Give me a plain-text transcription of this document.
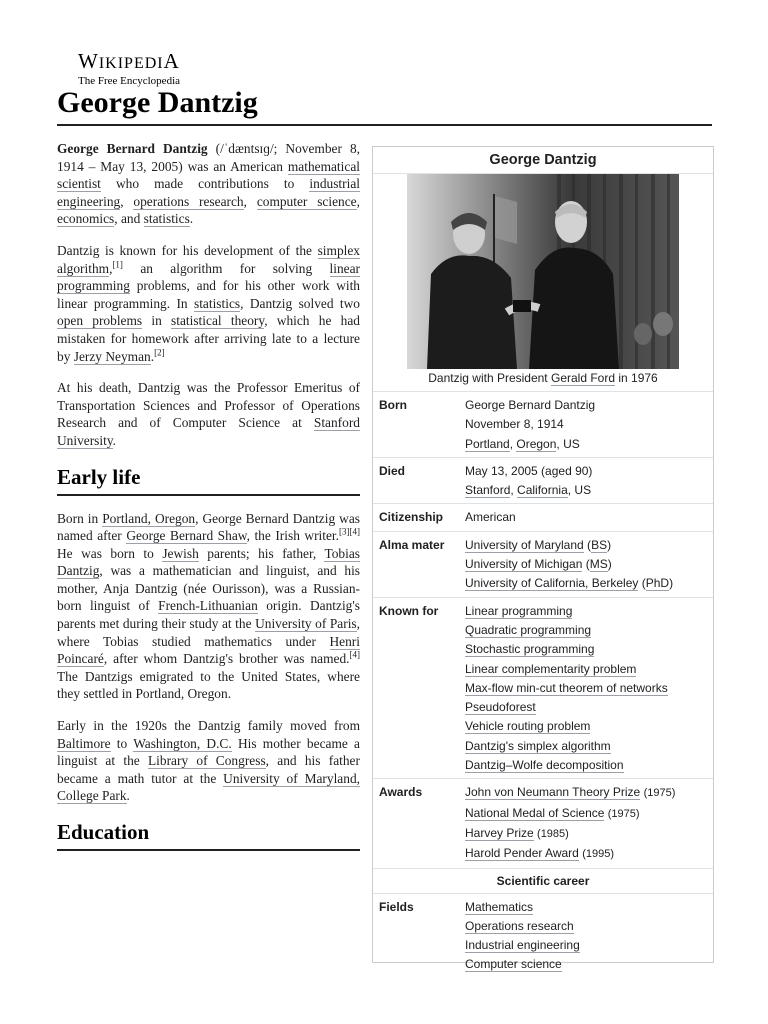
WIKIPEDIA
The Free Encyclopedia
George Dantzig

George Bernard Dantzig (/ˈdæntsɪɡ/; November 8, 1914 – May 13, 2005) was an American mathematical scientist who made contributions to industrial engineering, operations research, computer science, economics, and statistics.

Dantzig is known for his development of the simplex algorithm,[1] an algorithm for solving linear programming problems, and for his other work with linear programming. In statistics, Dantzig solved two open problems in statistical theory, which he had mistaken for homework after arriving late to a lecture by Jerzy Neyman.[2]

At his death, Dantzig was the Professor Emeritus of Transportation Sciences and Professor of Operations Research and of Computer Science at Stanford University.

Early life

Born in Portland, Oregon, George Bernard Dantzig was named after George Bernard Shaw, the Irish writer.[3][4] He was born to Jewish parents; his father, Tobias Dantzig, was a mathematician and linguist, and his mother, Anja Dantzig (née Ourisson), was a Russian-born linguist of French-Lithuanian origin. Dantzig's parents met during their study at the University of Paris, where Tobias studied mathematics under Henri Poincaré, after whom Dantzig's brother was named.[4] The Dantzigs emigrated to the United States, where they settled in Portland, Oregon.

Early in the 1920s the Dantzig family moved from Baltimore to Washington, D.C. His mother became a linguist at the Library of Congress, and his father became a math tutor at the University of Maryland, College Park.

Education
George Dantzig
Dantzig with President Gerald Ford in 1976
Born	George Bernard Dantzig
November 8, 1914
Portland, Oregon, US
Died	May 13, 2005 (aged 90)
Stanford, California, US
Citizenship	American
Alma mater	University of Maryland (BS)
University of Michigan (MS)
University of California, Berkeley (PhD)
Known for	Linear programming
Quadratic programming
Stochastic programming
Linear complementarity problem
Max-flow min-cut theorem of networks
Pseudoforest
Vehicle routing problem
Dantzig's simplex algorithm
Dantzig–Wolfe decomposition
Awards	John von Neumann Theory Prize (1975)
National Medal of Science (1975)
Harvey Prize (1985)
Harold Pender Award (1995)
Scientific career
Fields	Mathematics
Operations research
Industrial engineering
Computer science
